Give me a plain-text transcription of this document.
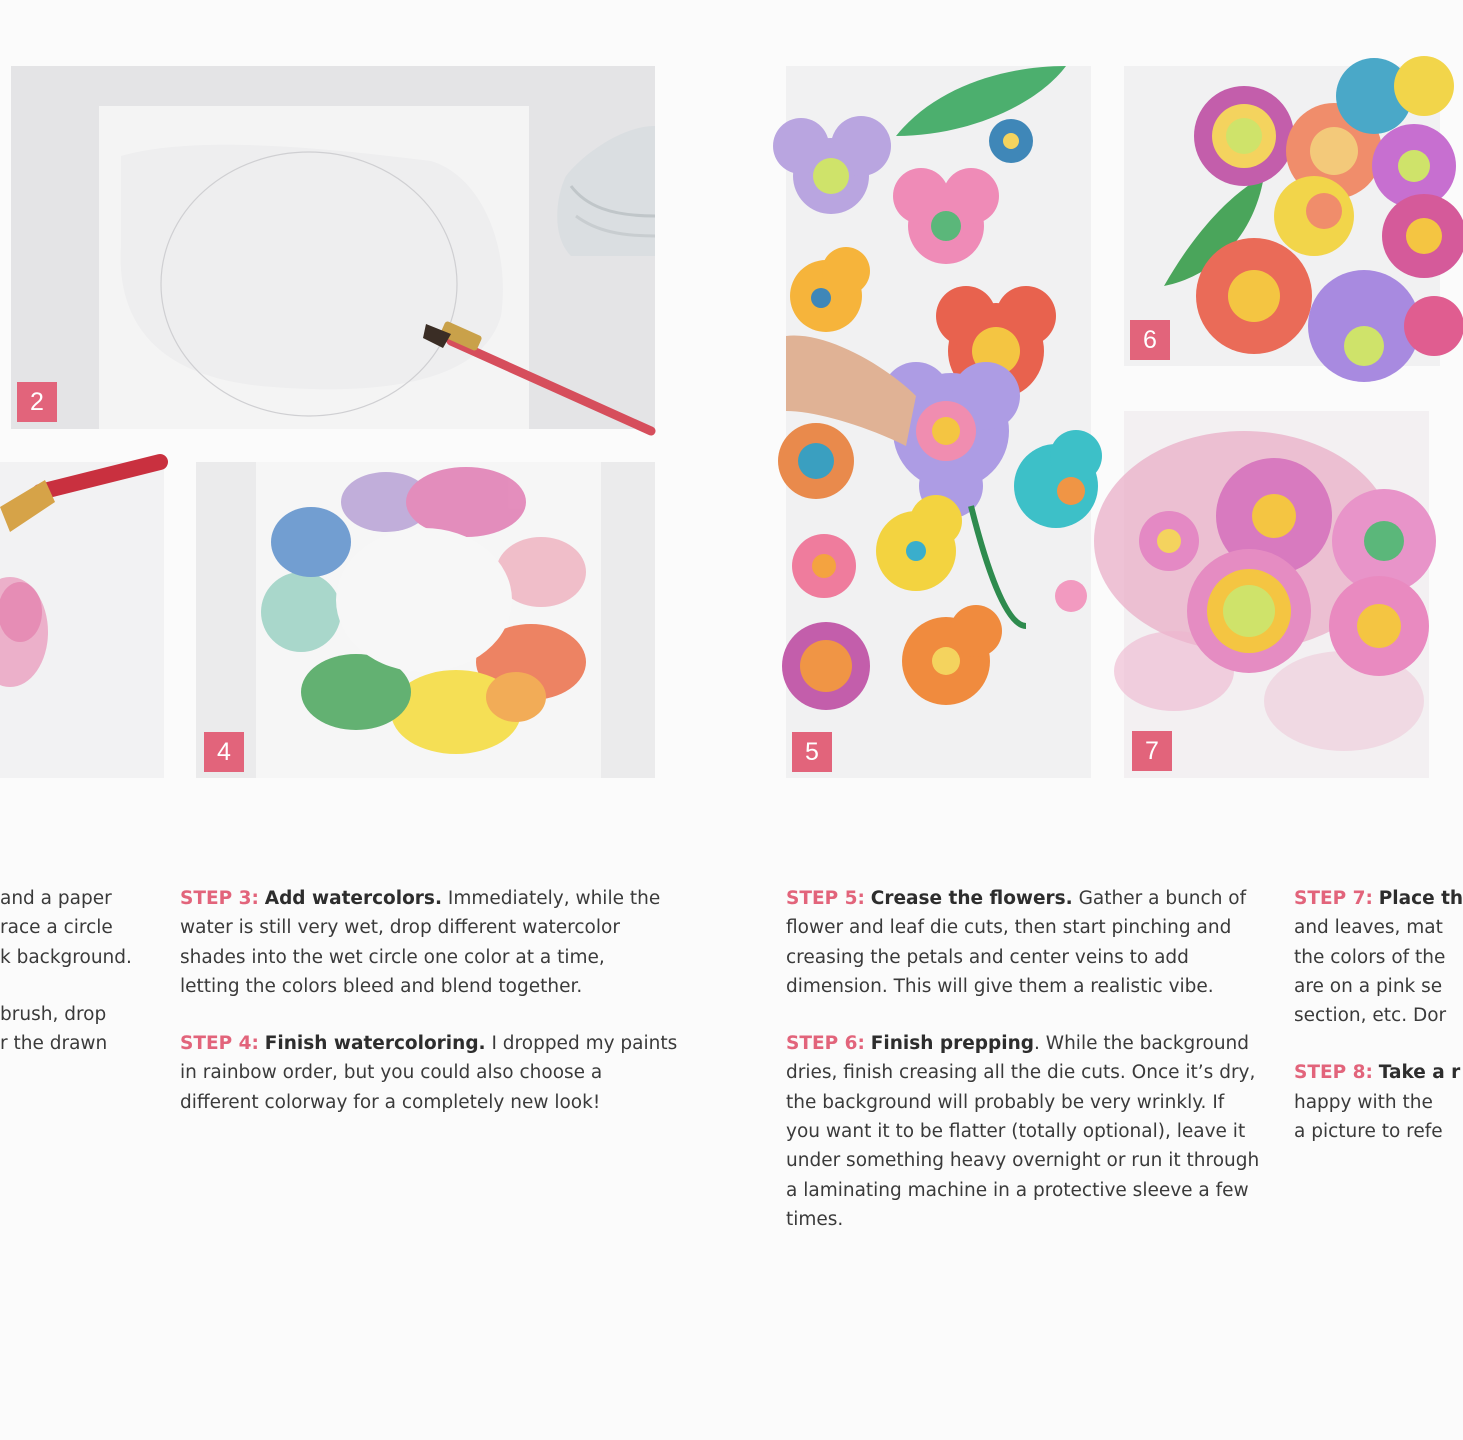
2
4	5
6
7

and a paper
race a circle
k background.

brush, drop
r the drawn

STEP 3: Add watercolors. Immediately, while the
water is still very wet, drop different watercolor
shades into the wet circle one color at a time,
letting the colors bleed and blend together.

STEP 4: Finish watercoloring. I dropped my paints
in rainbow order, but you could also choose a
different colorway for a completely new look!

STEP 5: Crease the flowers. Gather a bunch of
flower and leaf die cuts, then start pinching and
creasing the petals and center veins to add
dimension. This will give them a realistic vibe.

STEP 6: Finish prepping. While the background
dries, finish creasing all the die cuts. Once it’s dry,
the background will probably be very wrinkly. If
you want it to be flatter (totally optional), leave it
under something heavy overnight or run it through
a laminating machine in a protective sleeve a few
times.

STEP 7: Place th
and leaves, mat
the colors of the
are on a pink se
section, etc. Dor

STEP 8: Take a r
happy with the
a picture to refe
